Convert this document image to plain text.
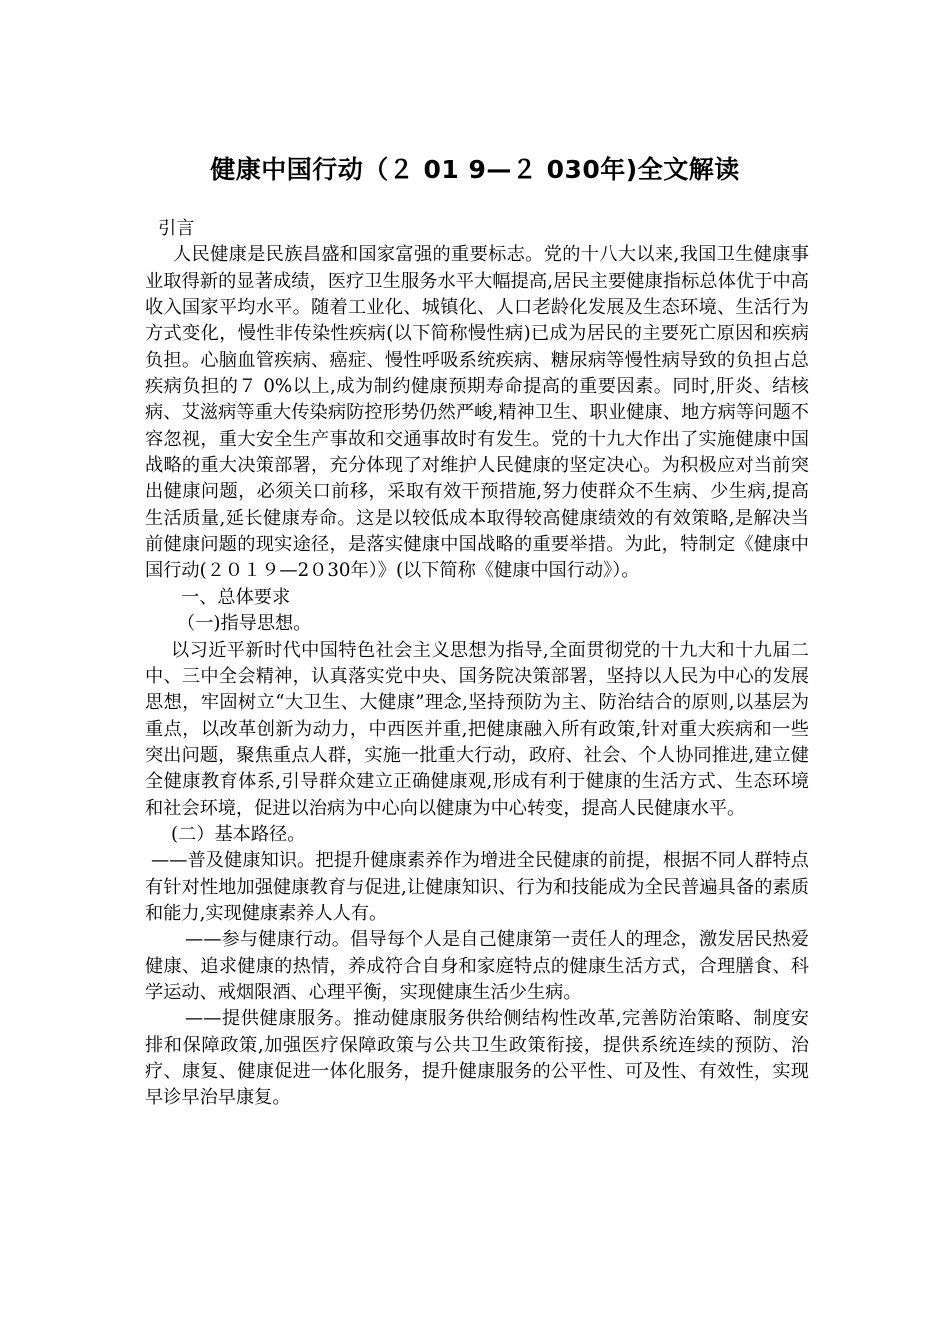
健康中国行动（２ 01 9—２ 030年)全文解读

引言

人民健康是民族昌盛和国家富强的重要标志。党的十八大以来,我国卫生健康事业取得新的显著成绩，医疗卫生服务水平大幅提高,居民主要健康指标总体优于中高收入国家平均水平。随着工业化、城镇化、人口老龄化发展及生态环境、生活行为方式变化，慢性非传染性疾病(以下简称慢性病)已成为居民的主要死亡原因和疾病负担。心脑血管疾病、癌症、慢性呼吸系统疾病、糖尿病等慢性病导致的负担占总疾病负担的７ 0%以上,成为制约健康预期寿命提高的重要因素。同时,肝炎、结核病、艾滋病等重大传染病防控形势仍然严峻,精神卫生、职业健康、地方病等问题不容忽视，重大安全生产事故和交通事故时有发生。党的十九大作出了实施健康中国战略的重大决策部署，充分体现了对维护人民健康的坚定决心。为积极应对当前突出健康问题，必须关口前移，采取有效干预措施,努力使群众不生病、少生病,提高生活质量,延长健康寿命。这是以较低成本取得较高健康绩效的有效策略,是解决当前健康问题的现实途径，是落实健康中国战略的重要举措。为此，特制定《健康中国行动(２０１９—2０30年）》(以下简称《健康中国行动》）。

一、总体要求

（一)指导思想。

以习近平新时代中国特色社会主义思想为指导,全面贯彻党的十九大和十九届二中、三中全会精神，认真落实党中央、国务院决策部署，坚持以人民为中心的发展思想，牢固树立“大卫生、大健康”理念,坚持预防为主、防治结合的原则,以基层为重点，以改革创新为动力，中西医并重,把健康融入所有政策,针对重大疾病和一些突出问题，聚焦重点人群，实施一批重大行动，政府、社会、个人协同推进,建立健全健康教育体系,引导群众建立正确健康观,形成有利于健康的生活方式、生态环境和社会环境，促进以治病为中心向以健康为中心转变，提高人民健康水平。

(二）基本路径。

——普及健康知识。把提升健康素养作为增进全民健康的前提，根据不同人群特点有针对性地加强健康教育与促进,让健康知识、行为和技能成为全民普遍具备的素质和能力,实现健康素养人人有。

——参与健康行动。倡导每个人是自己健康第一责任人的理念，激发居民热爱健康、追求健康的热情，养成符合自身和家庭特点的健康生活方式，合理膳食、科学运动、戒烟限酒、心理平衡，实现健康生活少生病。

——提供健康服务。推动健康服务供给侧结构性改革,完善防治策略、制度安排和保障政策,加强医疗保障政策与公共卫生政策衔接，提供系统连续的预防、治疗、康复、健康促进一体化服务，提升健康服务的公平性、可及性、有效性，实现早诊早治早康复。
